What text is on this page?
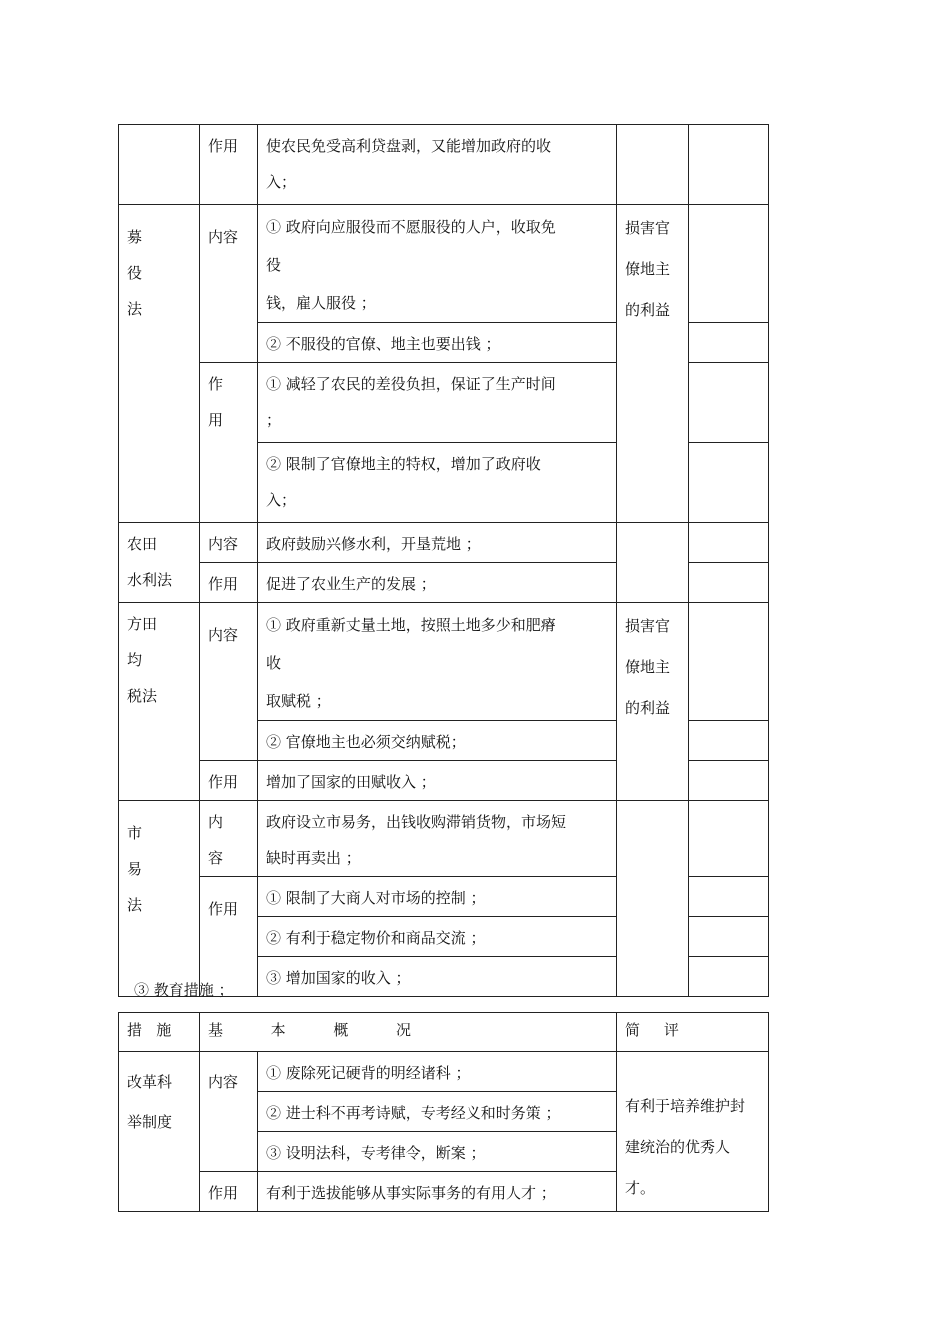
	作用	使农民免受高利贷盘剥，又能增加政府的收
入；		
募
役
法	内容	① 政府向应服役而不愿服役的人户，收取免
役
钱，雇人服役 ；	损害官
僚地主
的利益	
		② 不服役的官僚、地主也要出钱 ；		
	作
用	① 减轻了农民的差役负担，保证了生产时间
；		
		② 限制了官僚地主的特权，增加了政府收
入；		
农田
水利法	内容	政府鼓励兴修水利，开垦荒地 ；		
	作用	促进了农业生产的发展 ；		
方田
均
税法	内容	① 政府重新丈量土地，按照土地多少和肥瘠
收
取赋税 ；	损害官
僚地主
的利益	
		② 官僚地主也必须交纳赋税；		
	作用	增加了国家的田赋收入 ；		
市
易
法	内
容	政府设立市易务，出钱收购滞销货物，市场短
缺时再卖出 ；		
	作用	① 限制了大商人对市场的控制 ；		
		② 有利于稳定物价和商品交流 ；		
		③ 增加国家的收入 ；		
③ 教育措施 ；
措   施	基          本          概          况		简     评
改革科
举制度	内容	① 废除死记硬背的明经诸科 ；	有利于培养维护封
建统治的优秀人
才。
		② 进士科不再考诗赋，专考经义和时务策 ；	
		③ 设明法科，专考律令，断案 ；	
	作用	有利于选拔能够从事实际事务的有用人才 ；	
